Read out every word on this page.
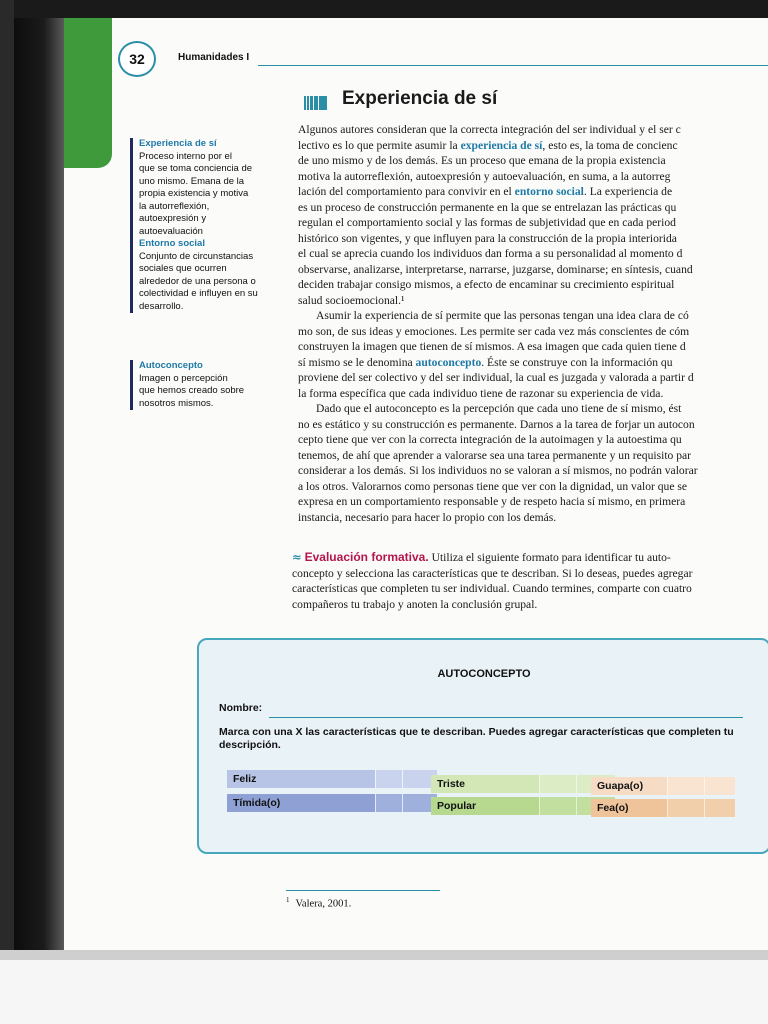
32	Humanidades I
Experiencia de sí
Experiencia de sí
Proceso interno por el
que se toma conciencia de
uno mismo. Emana de la
propia existencia y motiva
la autorreflexión,
autoexpresión y
autoevaluación
Entorno social
Conjunto de circunstancias
sociales que ocurren
alrededor de una persona o
colectividad e influyen en su
desarrollo.
Autoconcepto
Imagen o percepción
que hemos creado sobre
nosotros mismos.

Algunos autores consideran que la correcta integración del ser individual y el ser c

lectivo es lo que permite asumir la experiencia de sí, esto es, la toma de concienc

de uno mismo y de los demás. Es un proceso que emana de la propia existencia

motiva la autorreflexión, autoexpresión y autoevaluación, en suma, a la autorreg

lación del comportamiento para convivir en el entorno social. La experiencia de

es un proceso de construcción permanente en la que se entrelazan las prácticas qu

regulan el comportamiento social y las formas de subjetividad que en cada period

histórico son vigentes, y que influyen para la construcción de la propia interiorida

el cual se aprecia cuando los individuos dan forma a su personalidad al momento d

observarse, analizarse, interpretarse, narrarse, juzgarse, dominarse; en síntesis, cuand

deciden trabajar consigo mismos, a efecto de encaminar su crecimiento espiritual

salud socioemocional.¹

Asumir la experiencia de sí permite que las personas tengan una idea clara de có

mo son, de sus ideas y emociones. Les permite ser cada vez más conscientes de cóm

construyen la imagen que tienen de sí mismos. A esa imagen que cada quien tiene d

sí mismo se le denomina autoconcepto. Éste se construye con la información qu

proviene del ser colectivo y del ser individual, la cual es juzgada y valorada a partir d

la forma específica que cada individuo tiene de razonar su experiencia de vida.

Dado que el autoconcepto es la percepción que cada uno tiene de sí mismo, ést

no es estático y su construcción es permanente. Darnos a la tarea de forjar un autocon

cepto tiene que ver con la correcta integración de la autoimagen y la autoestima qu

tenemos, de ahí que aprender a valorarse sea una tarea permanente y un requisito par

considerar a los demás. Si los individuos no se valoran a sí mismos, no podrán valorar

a los otros. Valorarnos como personas tiene que ver con la dignidad, un valor que se

expresa en un comportamiento responsable y de respeto hacia sí mismo, en primera

instancia, necesario para hacer lo propio con los demás.

≈ Evaluación formativa. Utiliza el siguiente formato para identificar tu auto-

concepto y selecciona las características que te describan. Si lo deseas, puedes agregar

características que completen tu ser individual. Cuando termines, comparte con cuatro

compañeros tu trabajo y anoten la conclusión grupal.

AUTOCONCEPTO
Nombre:
Marca con una X las características que te describan. Puedes agregar características que completen tu descripción.
Feliz
Tímida(o)
Triste
Popular
Guapa(o)
Fea(o)
$^1$ Valera, 2001.
